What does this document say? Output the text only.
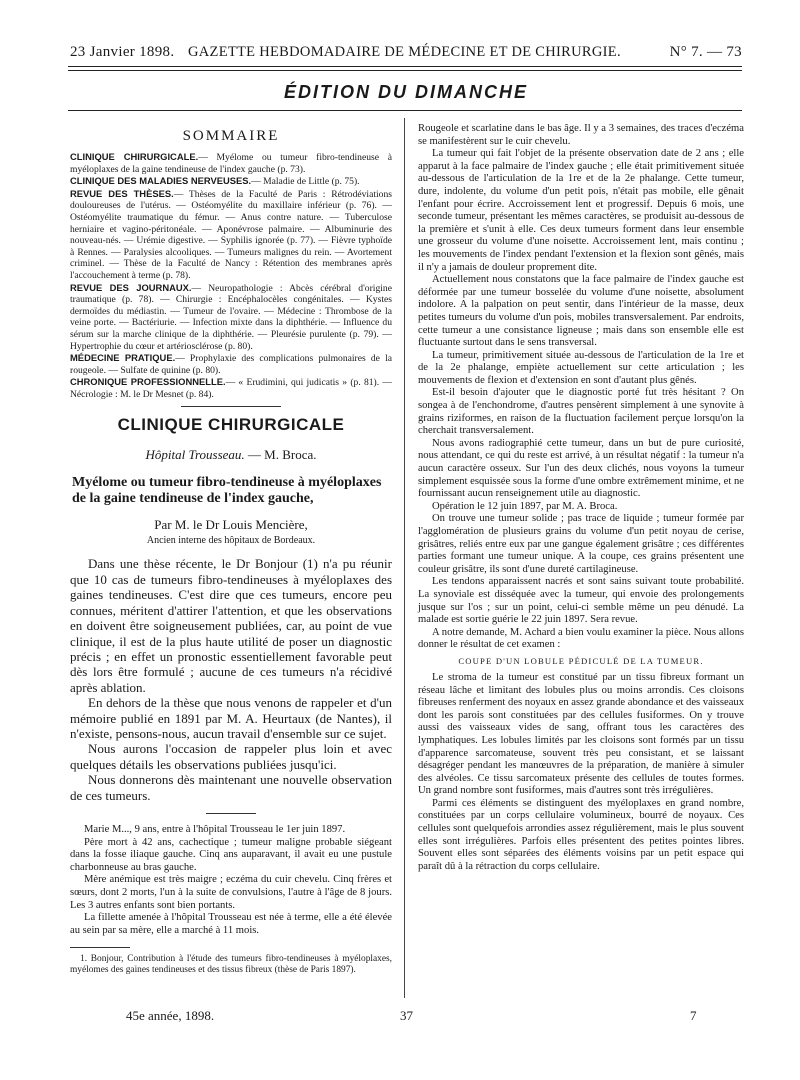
23 Janvier 1898. GAZETTE HEBDOMADAIRE DE MÉDECINE ET DE CHIRURGIE.	N° 7. — 73
ÉDITION DU DIMANCHE
SOMMAIRE

CLINIQUE CHIRURGICALE.— Myélome ou tumeur fibro-tendineuse à myéloplaxes de la gaine tendineuse de l'index gauche (p. 73).

CLINIQUE DES MALADIES NERVEUSES.— Maladie de Little (p. 75).

REVUE DES THÈSES.— Thèses de la Faculté de Paris : Rétrodéviations douloureuses de l'utérus. — Ostéomyélite du maxillaire inférieur (p. 76). — Ostéomyélite traumatique du fémur. — Anus contre nature. — Tuberculose herniaire et vagino-péritonéale. — Aponévrose palmaire. — Albuminurie des nouveau-nés. — Urémie digestive. — Syphilis ignorée (p. 77). — Fièvre typhoïde à Rennes. — Paralysies alcooliques. — Tumeurs malignes du rein. — Avortement criminel. — Thèse de la Faculté de Nancy : Rétention des membranes après l'accouchement à terme (p. 78).

REVUE DES JOURNAUX.— Neuropathologie : Abcès cérébral d'origine traumatique (p. 78). — Chirurgie : Encéphalocèles congénitales. — Kystes dermoïdes du médiastin. — Tumeur de l'ovaire. — Médecine : Thrombose de la veine porte. — Bactériurie. — Infection mixte dans la diphthérie. — Influence du sérum sur la marche clinique de la diphthérie. — Pleurésie purulente (p. 79). — Hypertrophie du cœur et artériosclérose (p. 80).

MÉDECINE PRATIQUE.— Prophylaxie des complications pulmonaires de la rougeole. — Sulfate de quinine (p. 80).

CHRONIQUE PROFESSIONNELLE.— « Erudimini, qui judicatis » (p. 81). — Nécrologie : M. le Dr Mesnet (p. 84).

CLINIQUE CHIRURGICALE
Hôpital Trousseau. — M. Broca.
Myélome ou tumeur fibro-tendineuse à myéloplaxes de la gaine tendineuse de l'index gauche,
Par M. le Dr Louis Mencière,
Ancien interne des hôpitaux de Bordeaux.

Dans une thèse récente, le Dr Bonjour (1) n'a pu réunir que 10 cas de tumeurs fibro-tendineuses à myéloplaxes des gaines tendineuses. C'est dire que ces tumeurs, encore peu connues, méritent d'attirer l'attention, et que les observations en doivent être soigneusement publiées, car, au point de vue clinique, il est de la plus haute utilité de poser un diagnostic précis ; en effet un pronostic essentiellement favorable peut dès lors être formulé ; aucune de ces tumeurs n'a récidivé après ablation.

En dehors de la thèse que nous venons de rappeler et d'un mémoire publié en 1891 par M. A. Heurtaux (de Nantes), il n'existe, pensons-nous, aucun travail d'ensemble sur ce sujet.

Nous aurons l'occasion de rappeler plus loin et avec quelques détails les observations publiées jusqu'ici.

Nous donnerons dès maintenant une nouvelle observation de ces tumeurs.

Marie M..., 9 ans, entre à l'hôpital Trousseau le 1er juin 1897.

Père mort à 42 ans, cachectique ; tumeur maligne probable siégeant dans la fosse iliaque gauche. Cinq ans auparavant, il avait eu une pustule charbonneuse au bras gauche.

Mère anémique est très maigre ; eczéma du cuir chevelu. Cinq frères et sœurs, dont 2 morts, l'un à la suite de convulsions, l'autre à l'âge de 8 jours. Les 3 autres enfants sont bien portants.

La fillette amenée à l'hôpital Trousseau est née à terme, elle a été élevée au sein par sa mère, elle a marché à 11 mois.

1. Bonjour, Contribution à l'étude des tumeurs fibro-tendineuses à myéloplaxes, myélomes des gaines tendineuses et des tissus fibreux (thèse de Paris 1897).

Rougeole et scarlatine dans le bas âge. Il y a 3 semaines, des traces d'eczéma se manifestèrent sur le cuir chevelu.

La tumeur qui fait l'objet de la présente observation date de 2 ans ; elle apparut à la face palmaire de l'index gauche ; elle était primitivement située au-dessous de l'articulation de la 1re et de la 2e phalange. Cette tumeur, dure, indolente, du volume d'un petit pois, n'était pas mobile, elle gênait l'enfant pour écrire. Accroissement lent et progressif. Depuis 6 mois, une seconde tumeur, présentant les mêmes caractères, se produisit au-dessous de la première et s'unit à elle. Ces deux tumeurs forment dans leur ensemble une grosseur du volume d'une noisette. Accroissement lent, mais continu ; les mouvements de l'index pendant l'extension et la flexion sont gênés, mais il n'y a jamais de douleur proprement dite.

Actuellement nous constatons que la face palmaire de l'index gauche est déformée par une tumeur bosselée du volume d'une noisette, absolument indolore. A la palpation on peut sentir, dans l'intérieur de la masse, deux petites tumeurs du volume d'un pois, mobiles transversalement. Par endroits, cette tumeur a une consistance ligneuse ; mais dans son ensemble elle est fluctuante surtout dans le sens transversal.

La tumeur, primitivement située au-dessous de l'articulation de la 1re et de la 2e phalange, empiète actuellement sur cette articulation ; les mouvements de flexion et d'extension en sont d'autant plus gênés.

Est-il besoin d'ajouter que le diagnostic porté fut très hésitant ? On songea à de l'enchondrome, d'autres pensèrent simplement à une synovite à grains riziformes, en raison de la fluctuation facilement perçue lorsqu'on la cherchait transversalement.

Nous avons radiographié cette tumeur, dans un but de pure curiosité, nous attendant, ce qui du reste est arrivé, à un résultat négatif : la tumeur n'a aucun caractère osseux. Sur l'un des deux clichés, nous voyons la tumeur simplement esquissée sous la forme d'une ombre extrêmement minime, et ne fournissant aucun renseignement utile au diagnostic.

Opération le 12 juin 1897, par M. A. Broca.

On trouve une tumeur solide ; pas trace de liquide ; tumeur formée par l'agglomération de plusieurs grains du volume d'un petit noyau de cerise, grisâtres, reliés entre eux par une gangue également grisâtre ; ces différentes parties formant une tumeur unique. A la coupe, ces grains présentent une couleur grisâtre, ils sont d'une dureté cartilagineuse.

Les tendons apparaissent nacrés et sont sains suivant toute probabilité. La synoviale est disséquée avec la tumeur, qui envoie des prolongements jusque sur l'os ; sur un point, celui-ci semble même un peu dénudé. La malade est sortie guérie le 22 juin 1897. Sera revue.

A notre demande, M. Achard a bien voulu examiner la pièce. Nous allons donner le résultat de cet examen :

COUPE D'UN LOBULE PÉDICULÉ DE LA TUMEUR.

Le stroma de la tumeur est constitué par un tissu fibreux formant un réseau lâche et limitant des lobules plus ou moins arrondis. Ces cloisons fibreuses renferment des noyaux en assez grande abondance et des vaisseaux dont les parois sont constituées par des cellules fusiformes. On y trouve aussi des vaisseaux vides de sang, offrant tous les caractères des lymphatiques. Les lobules limités par les cloisons sont formés par un tissu d'apparence sarcomateuse, souvent très peu consistant, et se laissant désagréger pendant les manœuvres de la préparation, de manière à simuler des alvéoles. Ce tissu sarcomateux présente des cellules de toutes formes. Un grand nombre sont fusiformes, mais d'autres sont très irrégulières.

Parmi ces éléments se distinguent des myéloplaxes en grand nombre, constituées par un corps cellulaire volumineux, bourré de noyaux. Ces cellules sont quelquefois arrondies assez régulièrement, mais le plus souvent elles sont irrégulières. Parfois elles présentent des petites pointes libres. Souvent elles sont séparées des éléments voisins par un petit espace qui paraît dû à la rétraction du corps cellulaire.

45e année, 1898.	37	7
